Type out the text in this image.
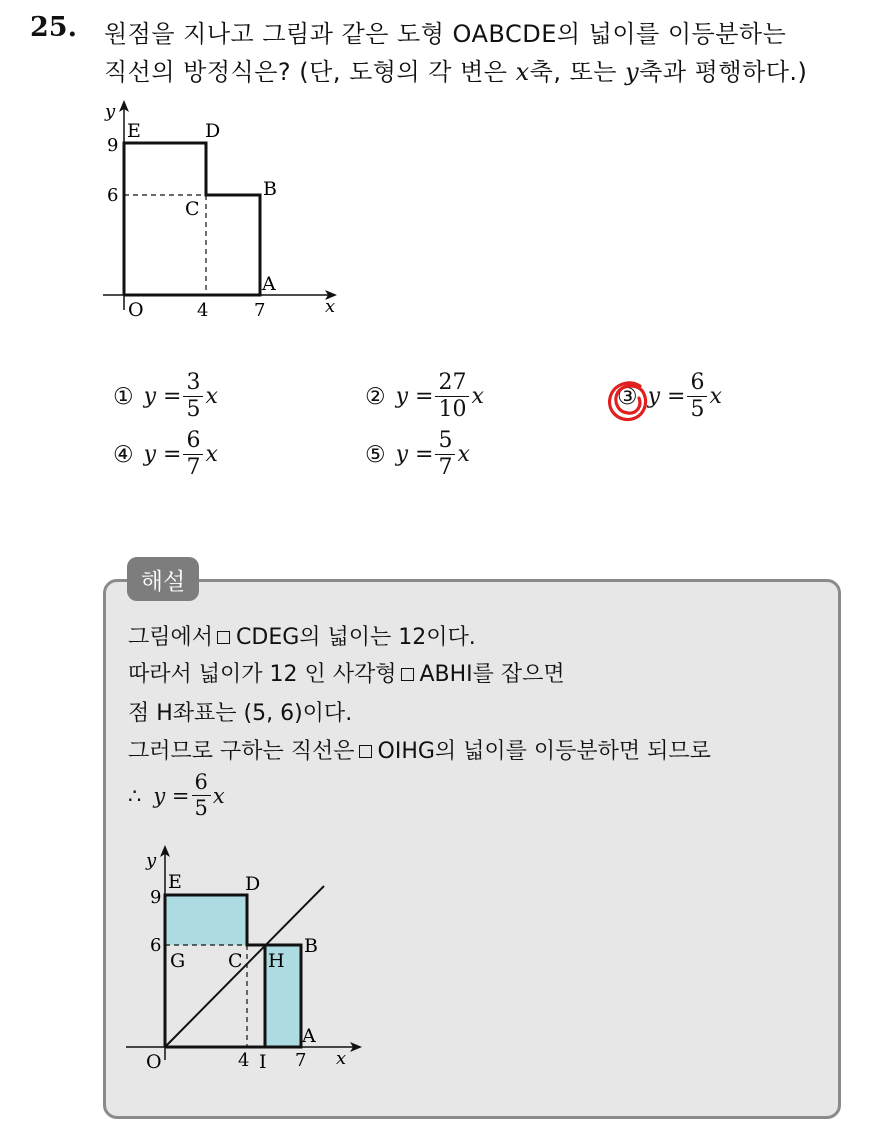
25. 원점을 지나고 그림과 같은 도형 OABCDE의 넓이를 이등분하는
직선의 방정식은? (단, 도형의 각 변은 x축, 또는 y축과 평행하다.)
y
x
O	4	7
6
9
E	D
C
B
A
① $y = \frac{3}{5}$ x	② $y = \frac{27}{10}$ x	③ $y = \frac{6}{5}$ x
④ $y = \frac{6}{7}$ x	⑤ $y = \frac{5}{7}$ x
해설
그림에서 CDEG의 넓이는 12이다.
따라서 넓이가 12 인 사각형 ABHI를 잡으면
점 H좌표는 (5, 6)이다.
그러므로 구하는 직선은 OIHG의 넓이를 이등분하면 되므로
∴ $y = \frac{6}{5}$ x
y
x
O	4	7
I
6
9
E	D
G C H
B
A
